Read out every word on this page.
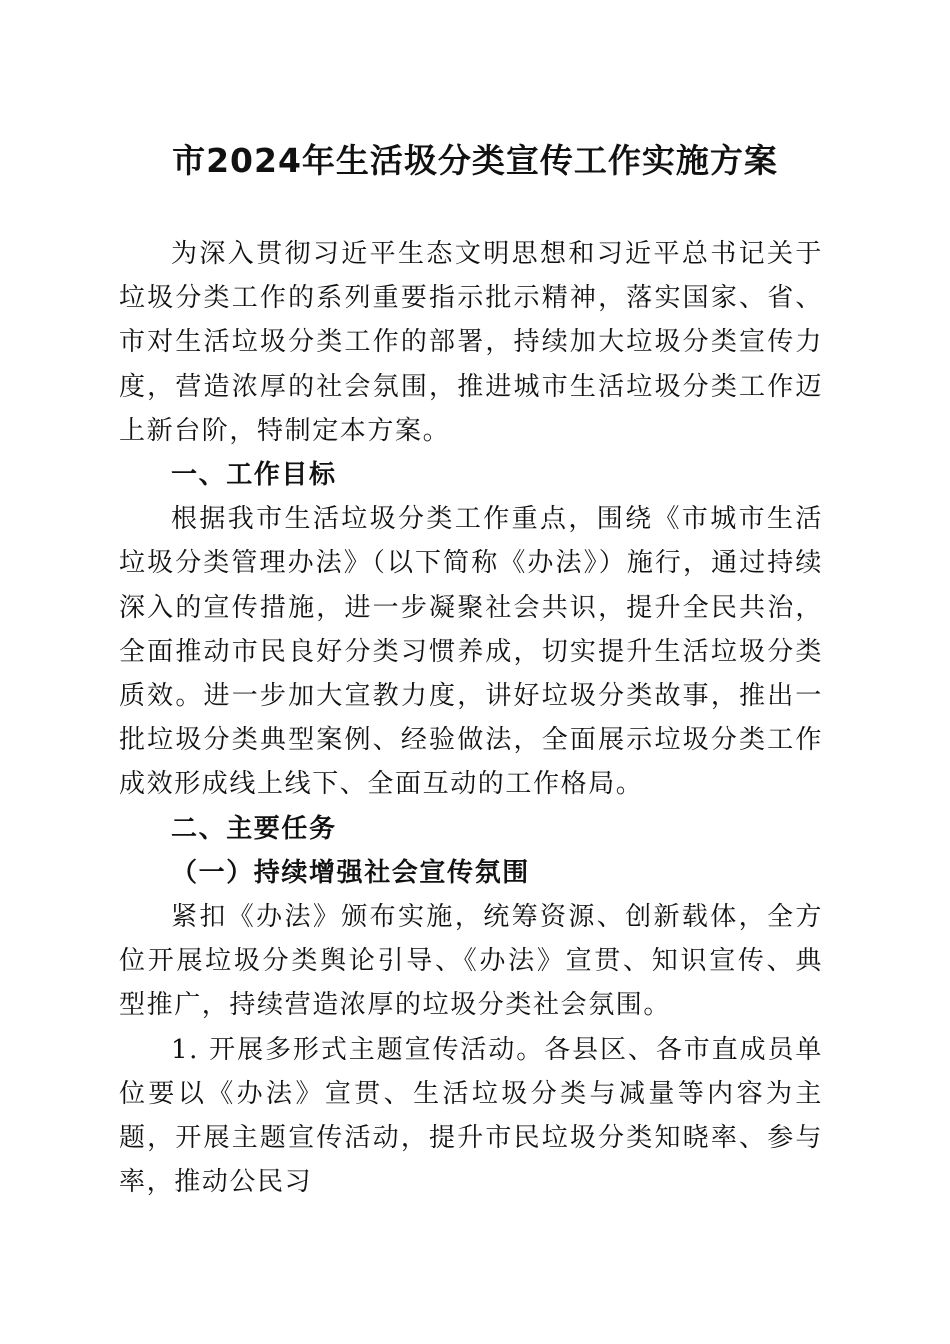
市2024年生活圾分类宣传工作实施方案

为深入贯彻习近平生态文明思想和习近平总书记关于垃圾分类工作的系列重要指示批示精神，落实国家、省、市对生活垃圾分类工作的部署，持续加大垃圾分类宣传力度，营造浓厚的社会氛围，推进城市生活垃圾分类工作迈上新台阶，特制定本方案。

一、工作目标

根据我市生活垃圾分类工作重点，围绕《市城市生活垃圾分类管理办法》（以下简称《办法》）施行，通过持续深入的宣传措施，进一步凝聚社会共识，提升全民共治，全面推动市民良好分类习惯养成，切实提升生活垃圾分类质效。进一步加大宣教力度，讲好垃圾分类故事，推出一批垃圾分类典型案例、经验做法，全面展示垃圾分类工作成效形成线上线下、全面互动的工作格局。

二、主要任务

（一）持续增强社会宣传氛围

紧扣《办法》颁布实施，统筹资源、创新载体，全方位开展垃圾分类舆论引导、《办法》宣贯、知识宣传、典型推广，持续营造浓厚的垃圾分类社会氛围。

1. 开展多形式主题宣传活动。各县区、各市直成员单位要以《办法》宣贯、生活垃圾分类与减量等内容为主题，开展主题宣传活动，提升市民垃圾分类知晓率、参与率，推动公民习
